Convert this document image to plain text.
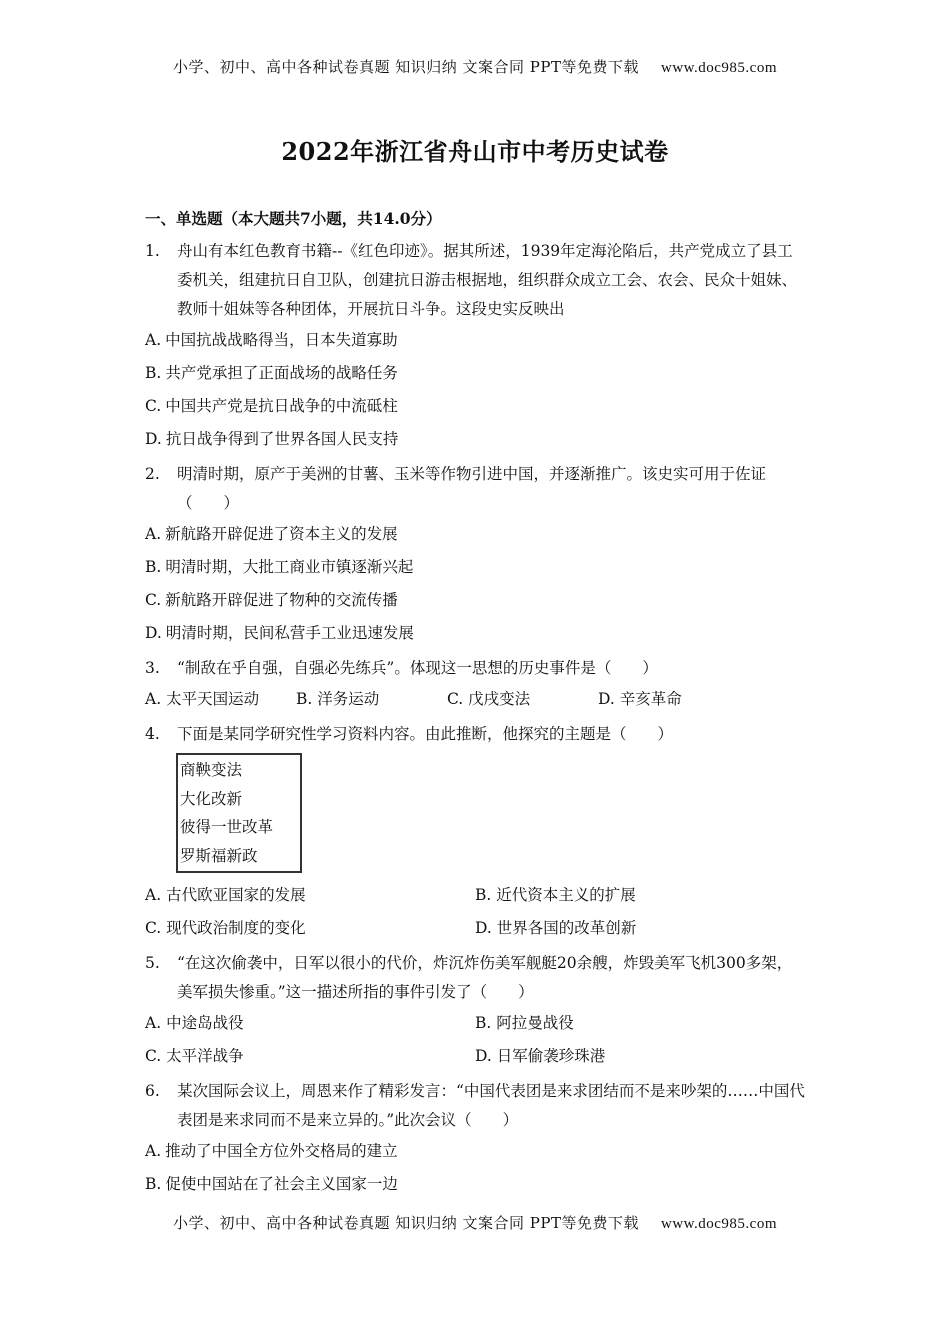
小学、初中、高中各种试卷真题 知识归纳 文案合同 PPT等免费下载 www.doc985.com
2022年浙江省舟山市中考历史试卷
一、单选题（本大题共7小题，共14.0分）
1.	舟山有本红色教育书籍--《红色印迹》。据其所述，1939年定海沦陷后，共产党成立了县工委机关，组建抗日自卫队，创建抗日游击根据地，组织群众成立工会、农会、民众十姐妹、教师十姐妹等各种团体，开展抗日斗争。这段史实反映出
A. 中国抗战战略得当，日本失道寡助
B. 共产党承担了正面战场的战略任务
C. 中国共产党是抗日战争的中流砥柱
D. 抗日战争得到了世界各国人民支持
2.	明清时期，原产于美洲的甘薯、玉米等作物引进中国，并逐渐推广。该史实可用于佐证（　　）
A. 新航路开辟促进了资本主义的发展
B. 明清时期，大批工商业市镇逐渐兴起
C. 新航路开辟促进了物种的交流传播
D. 明清时期，民间私营手工业迅速发展
3.	“制敌在乎自强，自强必先练兵”。体现这一思想的历史事件是（　　）
A. 太平天国运动	B. 洋务运动	C. 戊戌变法	D. 辛亥革命
4.	下面是某同学研究性学习资料内容。由此推断，他探究的主题是（　　）
商鞅变法
大化改新
彼得一世改革
罗斯福新政
A. 古代欧亚国家的发展	B. 近代资本主义的扩展
C. 现代政治制度的变化	D. 世界各国的改革创新
5.	“在这次偷袭中，日军以很小的代价，炸沉炸伤美军舰艇20余艘，炸毁美军飞机300多架，美军损失惨重。”这一描述所指的事件引发了（　　）
A. 中途岛战役	B. 阿拉曼战役
C. 太平洋战争	D. 日军偷袭珍珠港
6.	某次国际会议上，周恩来作了精彩发言：“中国代表团是来求团结而不是来吵架的……中国代表团是来求同而不是来立异的。”此次会议（　　）
A. 推动了中国全方位外交格局的建立
B. 促使中国站在了社会主义国家一边
小学、初中、高中各种试卷真题 知识归纳 文案合同 PPT等免费下载 www.doc985.com
